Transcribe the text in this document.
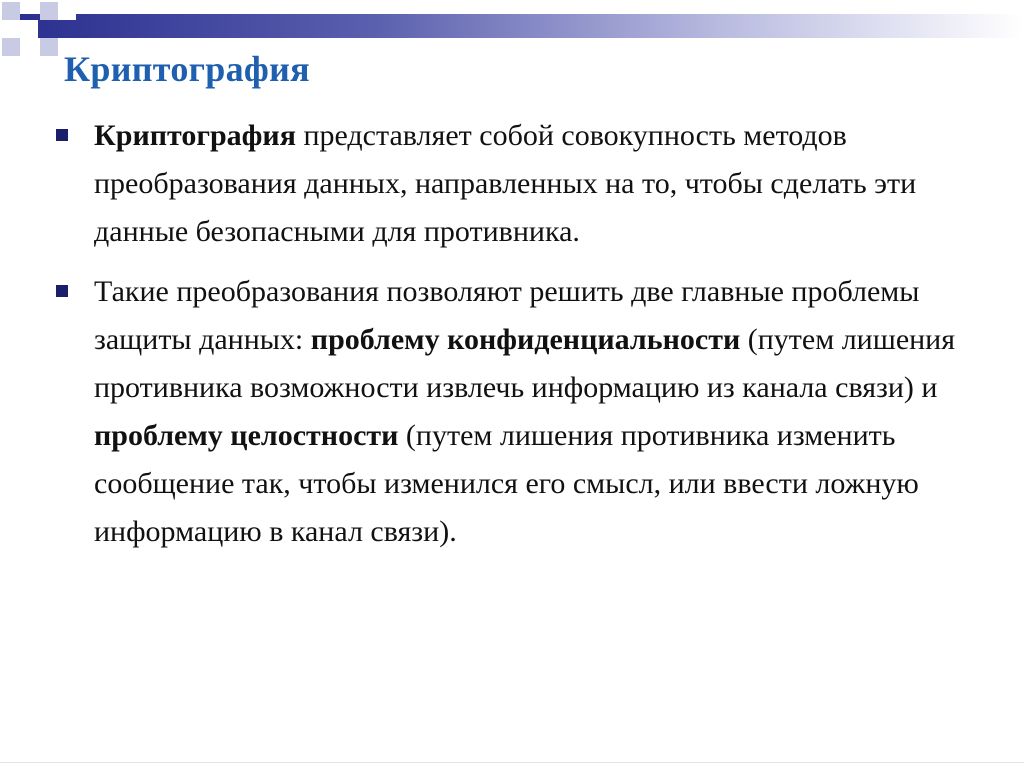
Криптография
Криптография представляет собой совокупность методов преобразования данных, направленных на то, чтобы сделать эти данные безопасными для противника.
Такие преобразования позволяют решить две главные проблемы защиты данных: проблему конфиденциальности (путем лишения противника возможности извлечь информацию из канала связи) и проблему целостности (путем лишения противника изменить сообщение так, чтобы изменился его смысл, или ввести ложную информацию в канал связи).
